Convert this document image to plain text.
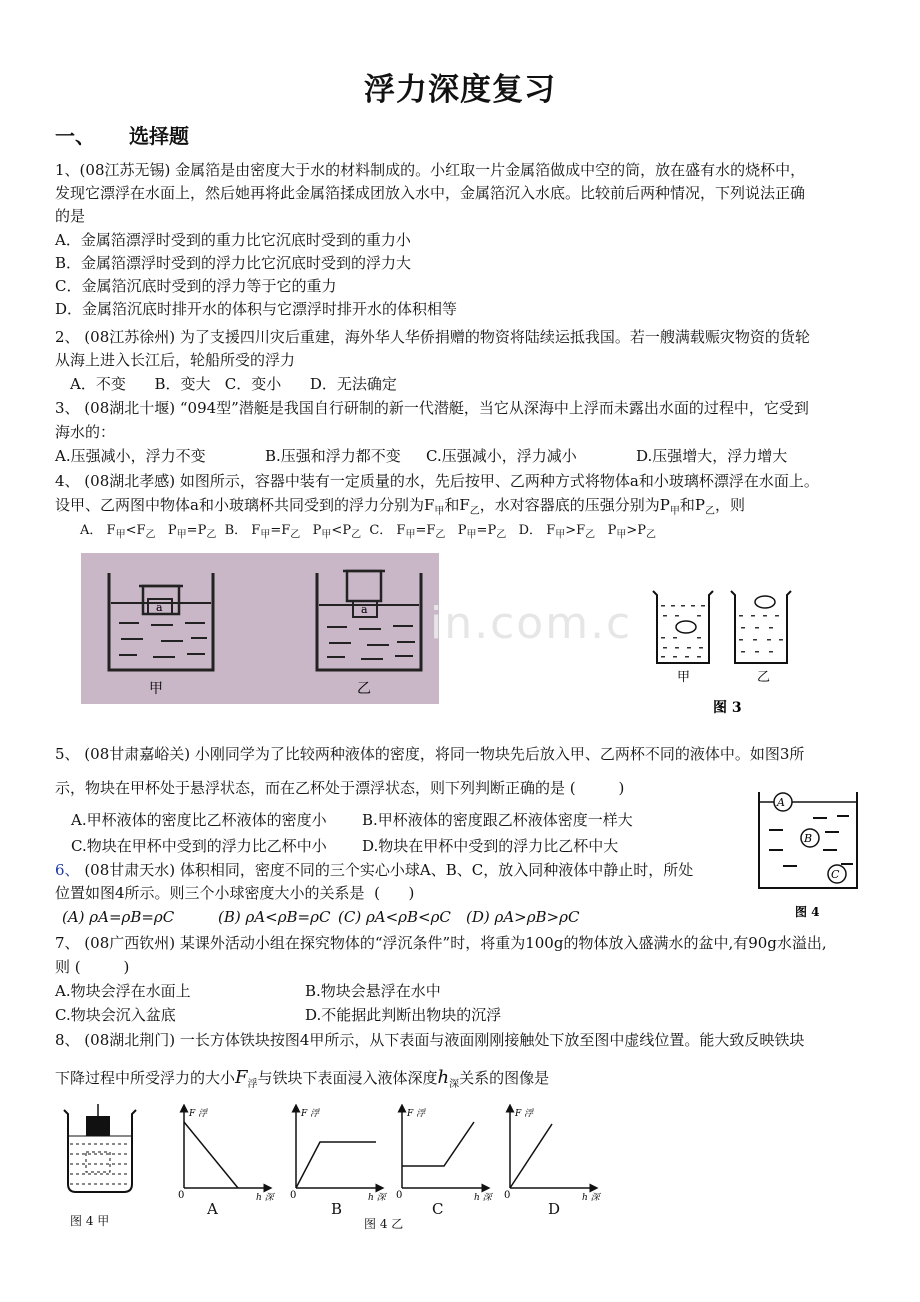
浮力深度复习
一、 选择题
1、(08江苏无锡) 金属箔是由密度大于水的材料制成的。小红取一片金属箔做成中空的筒，放在盛有水的烧杯中，
发现它漂浮在水面上，然后她再将此金属箔揉成团放入水中，金属箔沉入水底。比较前后两种情况，下列说法正确
的是
A．金属箔漂浮时受到的重力比它沉底时受到的重力小
B．金属箔漂浮时受到的浮力比它沉底时受到的浮力大
C．金属箔沉底时受到的浮力等于它的重力
D．金属箔沉底时排开水的体积与它漂浮时排开水的体积相等
2、 (08江苏徐州) 为了支援四川灾后重建，海外华人华侨捐赠的物资将陆续运抵我国。若一艘满载赈灾物资的货轮
从海上进入长江后，轮船所受的浮力
A．不变      B．变大   C．变小      D．无法确定
3、 (08湖北十堰) “094型”潜艇是我国自行研制的新一代潜艇，当它从深海中上浮而未露出水面的过程中，它受到
海水的：
A.压强减小，浮力不变	B.压强和浮力都不变 C.压强减小，浮力减小	D.压强增大，浮力增大
4、 (08湖北孝感) 如图所示，容器中装有一定质量的水，先后按甲、乙两种方式将物体a和小玻璃杯漂浮在水面上。
设甲、乙两图中物体a和小玻璃杯共同受到的浮力分别为$F_甲$和$F_乙$，水对容器底的压强分别为$P_甲$和$P_乙$，则
A． $F_甲<F_乙$ $P_甲=P_乙$ B． $F_甲=F_乙$ $P_甲<P_乙$ C． $F_甲=F_乙$ $P_甲=P_乙$ D． $F_甲>F_乙$ $P_甲>P_乙$
a
甲
a
乙
in.com.c
甲	乙
图 3
5、 (08甘肃嘉峪关) 小刚同学为了比较两种液体的密度，将同一物块先后放入甲、乙两杯不同的液体中。如图3所
示，物块在甲杯处于悬浮状态，而在乙杯处于漂浮状态，则下列判断正确的是 (         )
A.甲杯液体的密度比乙杯液体的密度小 B.甲杯液体的密度跟乙杯液体密度一样大
C.物块在甲杯中受到的浮力比乙杯中小 D.物块在甲杯中受到的浮力比乙杯中大
A
B
C
图 4
6、 (08甘肃天水) 体积相同，密度不同的三个实心小球A、B、C，放入同种液体中静止时，所处
位置如图4所示。则三个小球密度大小的关系是  (      )
(A) ρA=ρB=ρC	(B) ρA<ρB=ρC (C) ρA<ρB<ρC (D) ρA>ρB>ρC
7、 (08广西钦州) 某课外活动小组在探究物体的“浮沉条件”时，将重为100g的物体放入盛满水的盆中,有90g水溢出,
则 (         )
A.物块会浮在水面上	B.物块会悬浮在水中
C.物块会沉入盆底	D.不能据此判断出物块的沉浮
8、 (08湖北荆门) 一长方体铁块按图4甲所示，从下表面与液面刚刚接触处下放至图中虚线位置。能大致反映铁块
下降过程中所受浮力的大小$F_浮$与铁块下表面浸入液体深度$h_深$关系的图像是
图 4 甲
F 浮
h 深
0
F 浮
h 深
0
F 浮
h 深
0
F 浮
h 深
0
A	B	C	D
图 4 乙
